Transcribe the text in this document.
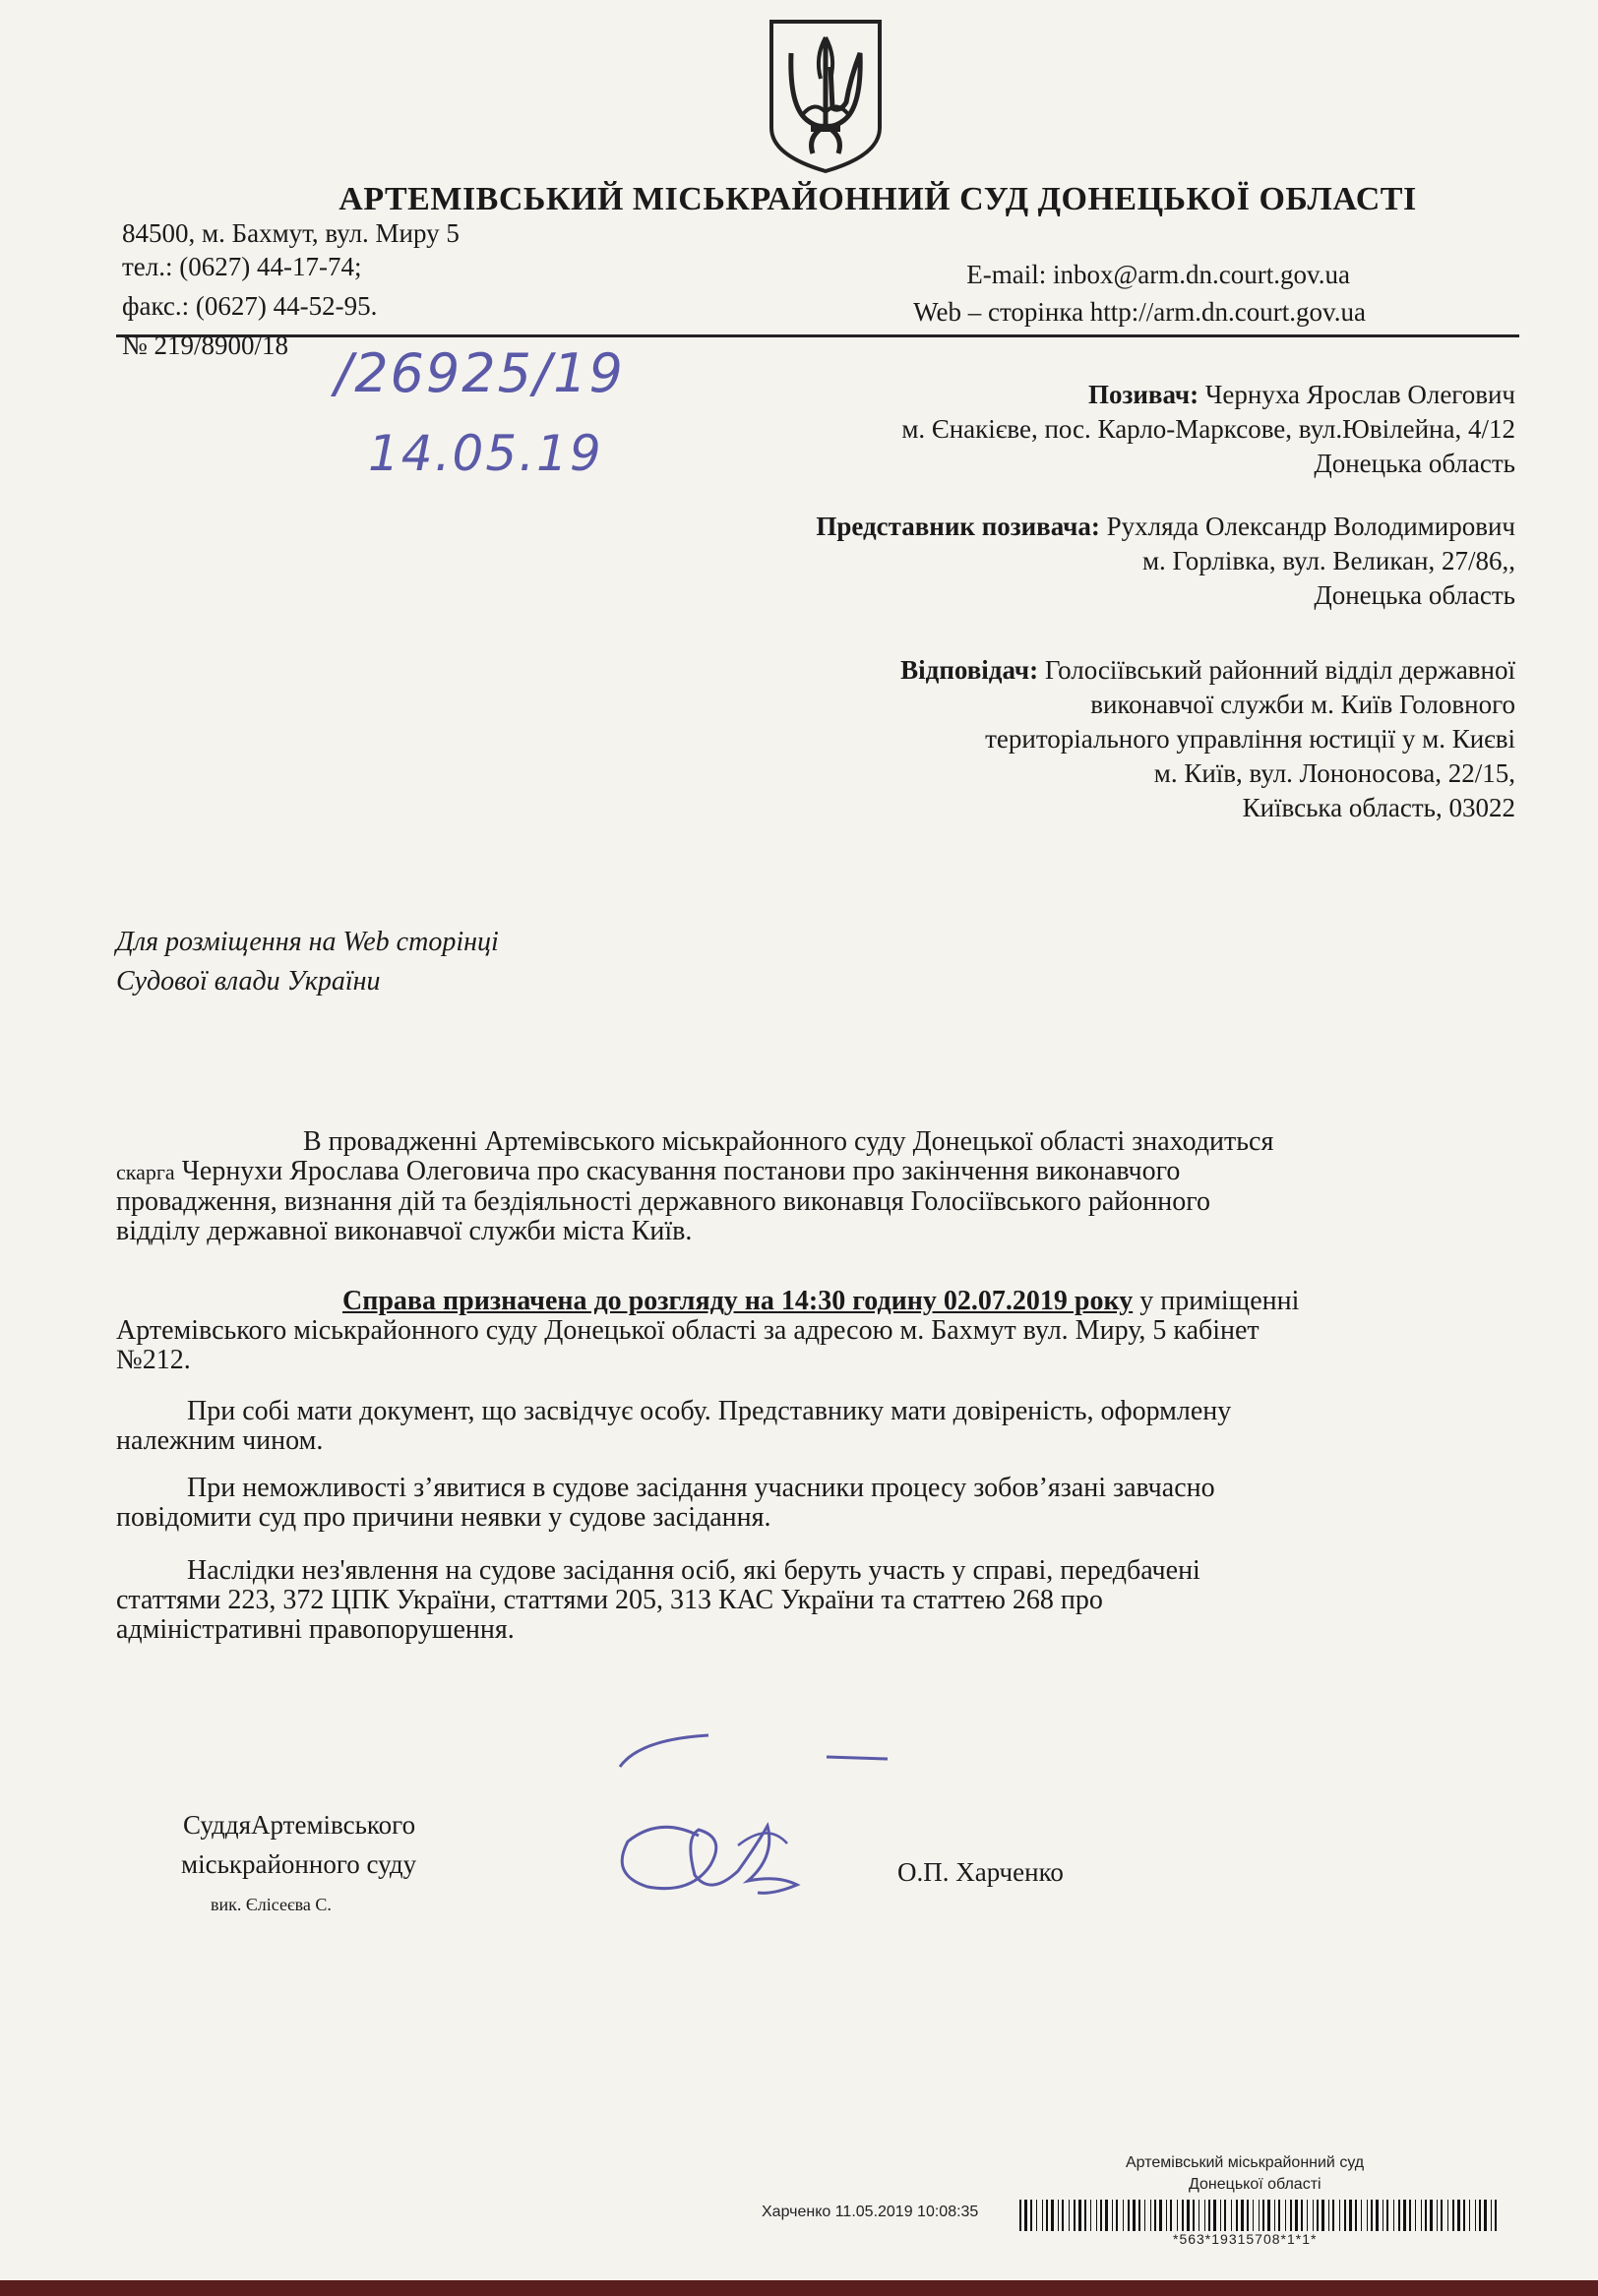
АРТЕМІВСЬКИЙ МІСЬКРАЙОННИЙ СУД ДОНЕЦЬКОЇ ОБЛАСТІ
84500, м. Бахмут, вул. Миру 5
тел.: (0627) 44-17-74;
факс.: (0627) 44-52-95.
E-mail: inbox@arm.dn.court.gov.ua
Web – сторінка http://arm.dn.court.gov.ua
№ 219/8900/18 /26925/19
14.05.19
Позивач: Чернуха Ярослав Олегович
м. Єнакієве, пос. Карло-Марксове, вул.Ювілейна, 4/12
Донецька область
Представник позивача: Рухляда Олександр Володимирович
м. Горлівка, вул. Великан, 27/86,,
Донецька область
Відповідач: Голосіївський районний відділ державної
виконавчої служби м. Київ Головного
територіального управління юстиції у м. Києві
м. Київ, вул. Лононосова, 22/15,
Київська область, 03022
Для розміщення на Web сторінці
Судової влади України
В провадженні Артемівського міськрайонного суду Донецької області знаходиться
скарга Чернухи Ярослава Олеговича про скасування постанови про закінчення виконавчого
провадження, визнання дій та бездіяльності державного виконавця Голосіївського районного
відділу державної виконавчої служби міста Київ.
Справа призначена до розгляду на 14:30 годину 02.07.2019 року у приміщенні
Артемівського міськрайонного суду Донецької області за адресою м. Бахмут вул. Миру, 5 кабінет
№212.
При собі мати документ, що засвідчує особу. Представнику мати довіреність, оформлену
належним чином.
При неможливості з’явитися в судове засідання учасники процесу зобов’язані завчасно
повідомити суд про причини неявки у судове засідання.
Наслідки нез'явлення на судове засідання осіб, які беруть участь у справі, передбачені
статтями 223, 372 ЦПК України, статтями 205, 313 КАС України та статтею 268 про
адміністративні правопорушення.
СуддяАртемівського
міськрайонного суду
вик. Єлісеєва С.
О.П. Харченко
Артемівський міськрайонний суд
Донецької області
Харченко 11.05.2019 10:08:35
*563*19315708*1*1*
